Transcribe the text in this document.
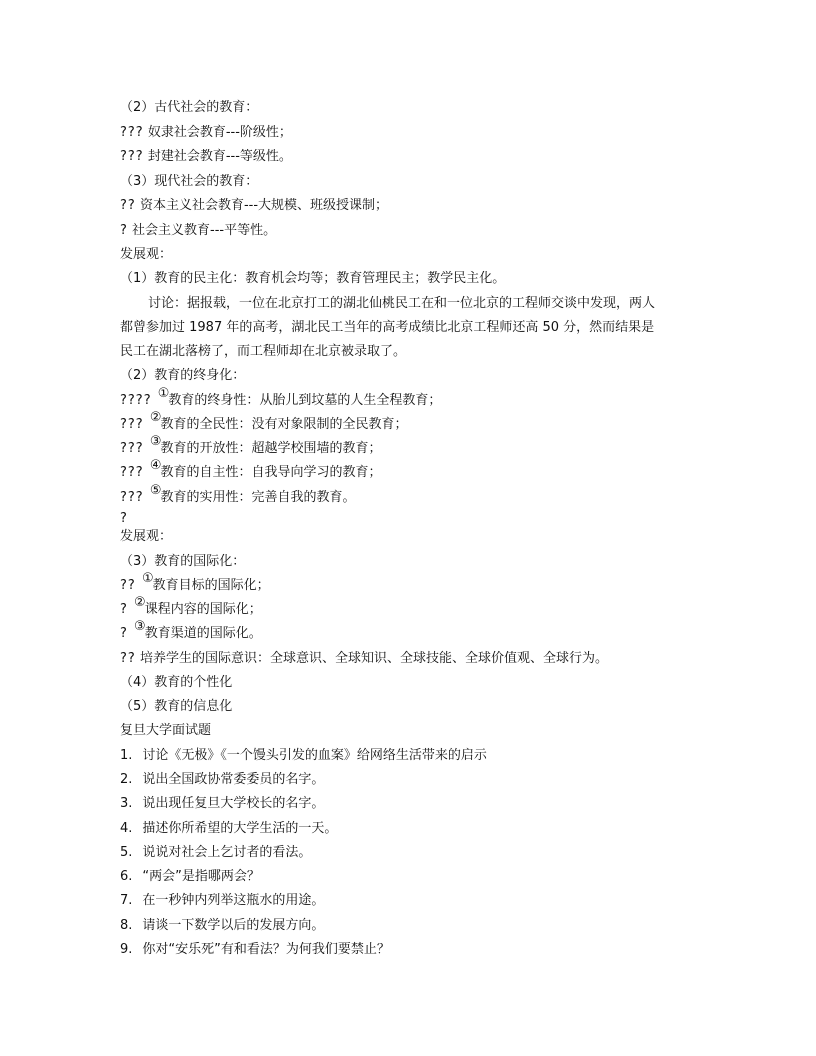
（2）古代社会的教育：
??? 奴隶社会教育---阶级性；
??? 封建社会教育---等级性。
（3）现代社会的教育：
?? 资本主义社会教育---大规模、班级授课制；
? 社会主义教育---平等性。
发展观：
（1）教育的民主化：教育机会均等；教育管理民主；教学民主化。
讨论：据报载，一位在北京打工的湖北仙桃民工在和一位北京的工程师交谈中发现，两人
都曾参加过 1987 年的高考，湖北民工当年的高考成绩比北京工程师还高 50 分，然而结果是
民工在湖北落榜了，而工程师却在北京被录取了。
（2）教育的终身化：
???? ①教育的终身性：从胎儿到坟墓的人生全程教育；
??? ②教育的全民性：没有对象限制的全民教育；
??? ③教育的开放性：超越学校围墙的教育；
??? ④教育的自主性：自我导向学习的教育；
??? ⑤教育的实用性：完善自我的教育。
?
发展观：
（3）教育的国际化：
?? ①教育目标的国际化；
? ②课程内容的国际化；
? ③教育渠道的国际化。
?? 培养学生的国际意识：全球意识、全球知识、全球技能、全球价值观、全球行为。
（4）教育的个性化
（5）教育的信息化
复旦大学面试题
1. 讨论《无极》《一个馒头引发的血案》给网络生活带来的启示
2. 说出全国政协常委委员的名字。
3. 说出现任复旦大学校长的名字。
4. 描述你所希望的大学生活的一天。
5. 说说对社会上乞讨者的看法。
6. “两会”是指哪两会？
7. 在一秒钟内列举这瓶水的用途。
8. 请谈一下数学以后的发展方向。
9. 你对“安乐死”有和看法？为何我们要禁止？
